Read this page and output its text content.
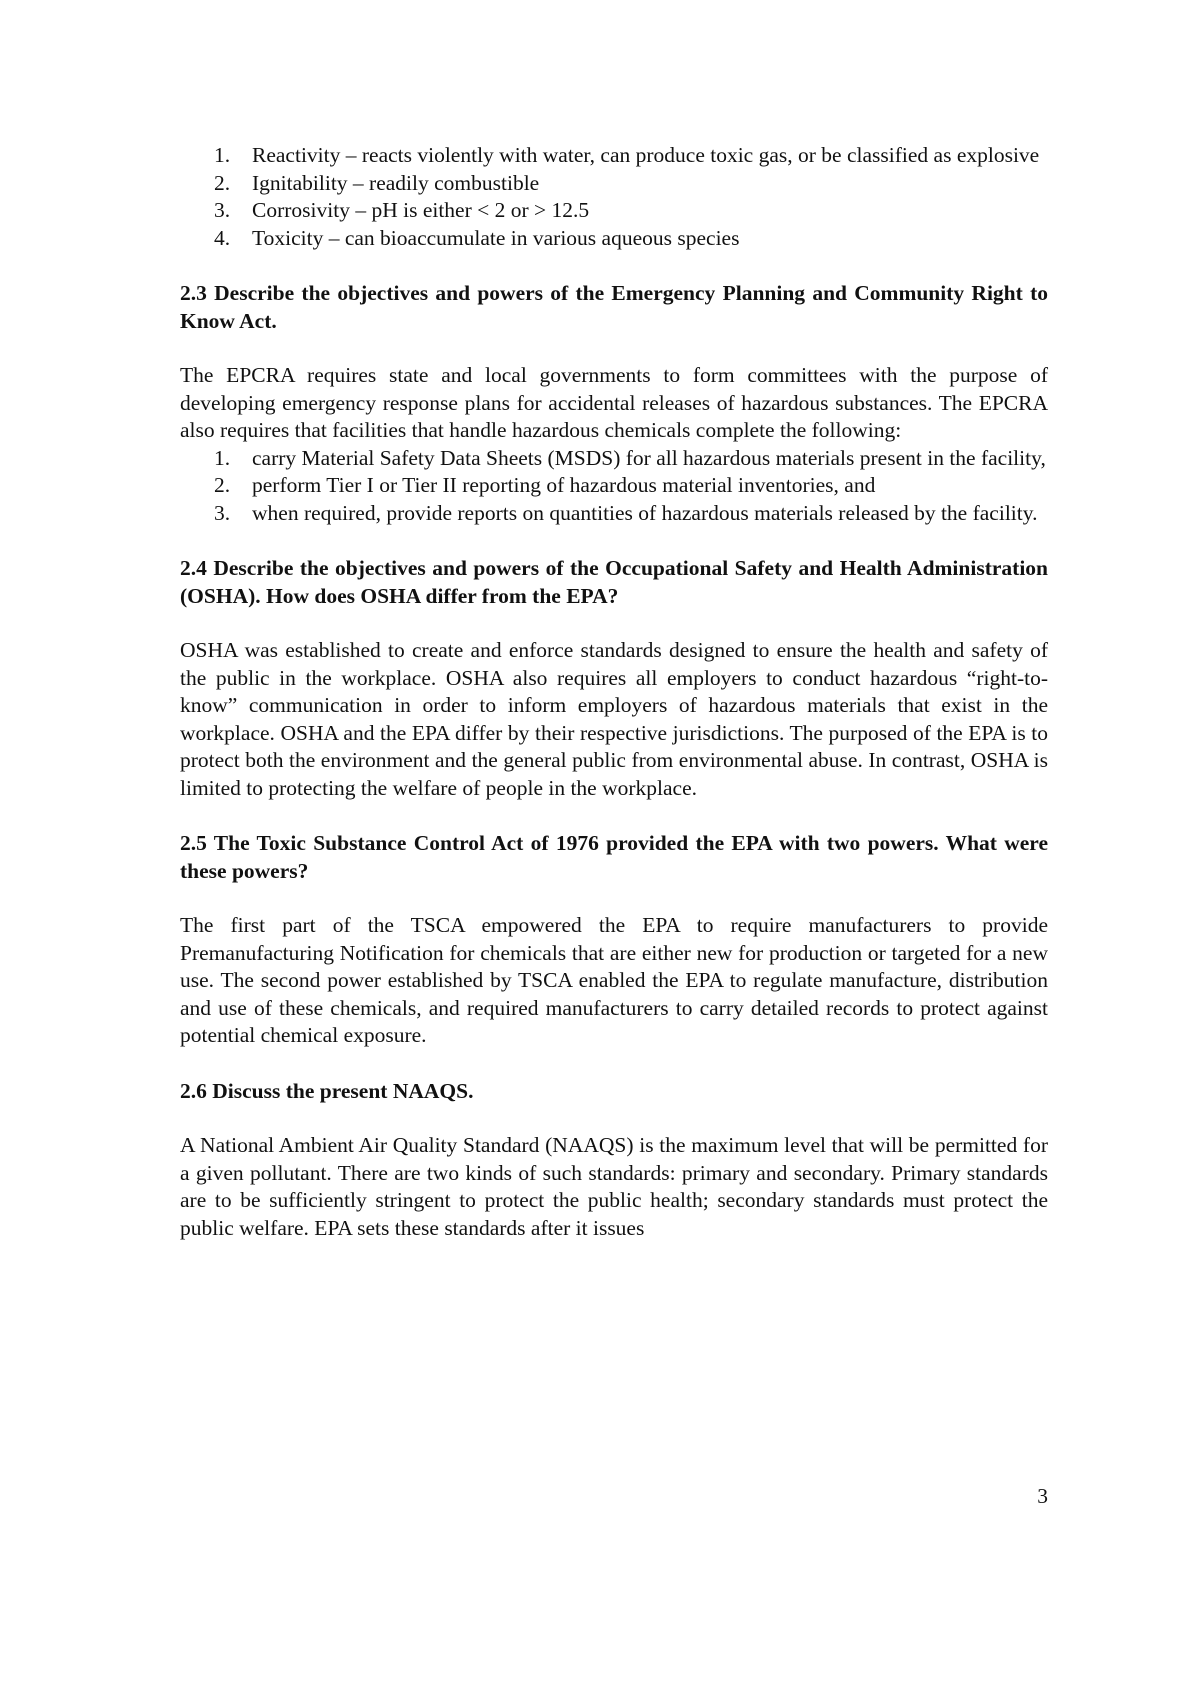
1.	Reactivity – reacts violently with water, can produce toxic gas, or be classified as explosive
2.	Ignitability – readily combustible
3.	Corrosivity – pH is either < 2 or > 12.5
4.	Toxicity – can bioaccumulate in various aqueous species

2.3 Describe the objectives and powers of the Emergency Planning and Community Right to Know Act.

The EPCRA requires state and local governments to form committees with the purpose of developing emergency response plans for accidental releases of hazardous substances. The EPCRA also requires that facilities that handle hazardous chemicals complete the following:

1.	carry Material Safety Data Sheets (MSDS) for all hazardous materials present in the facility,
2.	perform Tier I or Tier II reporting of hazardous material inventories, and
3.	when required, provide reports on quantities of hazardous materials released by the facility.

2.4 Describe the objectives and powers of the Occupational Safety and Health Administration (OSHA). How does OSHA differ from the EPA?

OSHA was established to create and enforce standards designed to ensure the health and safety of the public in the workplace. OSHA also requires all employers to conduct hazardous “right-to-know” communication in order to inform employers of hazardous materials that exist in the workplace. OSHA and the EPA differ by their respective jurisdictions. The purposed of the EPA is to protect both the environment and the general public from environmental abuse. In contrast, OSHA is limited to protecting the welfare of people in the workplace.

2.5 The Toxic Substance Control Act of 1976 provided the EPA with two powers. What were these powers?

The first part of the TSCA empowered the EPA to require manufacturers to provide Premanufacturing Notification for chemicals that are either new for production or targeted for a new use. The second power established by TSCA enabled the EPA to regulate manufacture, distribution and use of these chemicals, and required manufacturers to carry detailed records to protect against potential chemical exposure.

2.6 Discuss the present NAAQS.

A National Ambient Air Quality Standard (NAAQS) is the maximum level that will be permitted for a given pollutant. There are two kinds of such standards: primary and secondary. Primary standards are to be sufficiently stringent to protect the public health; secondary standards must protect the public welfare. EPA sets these standards after it issues

3
